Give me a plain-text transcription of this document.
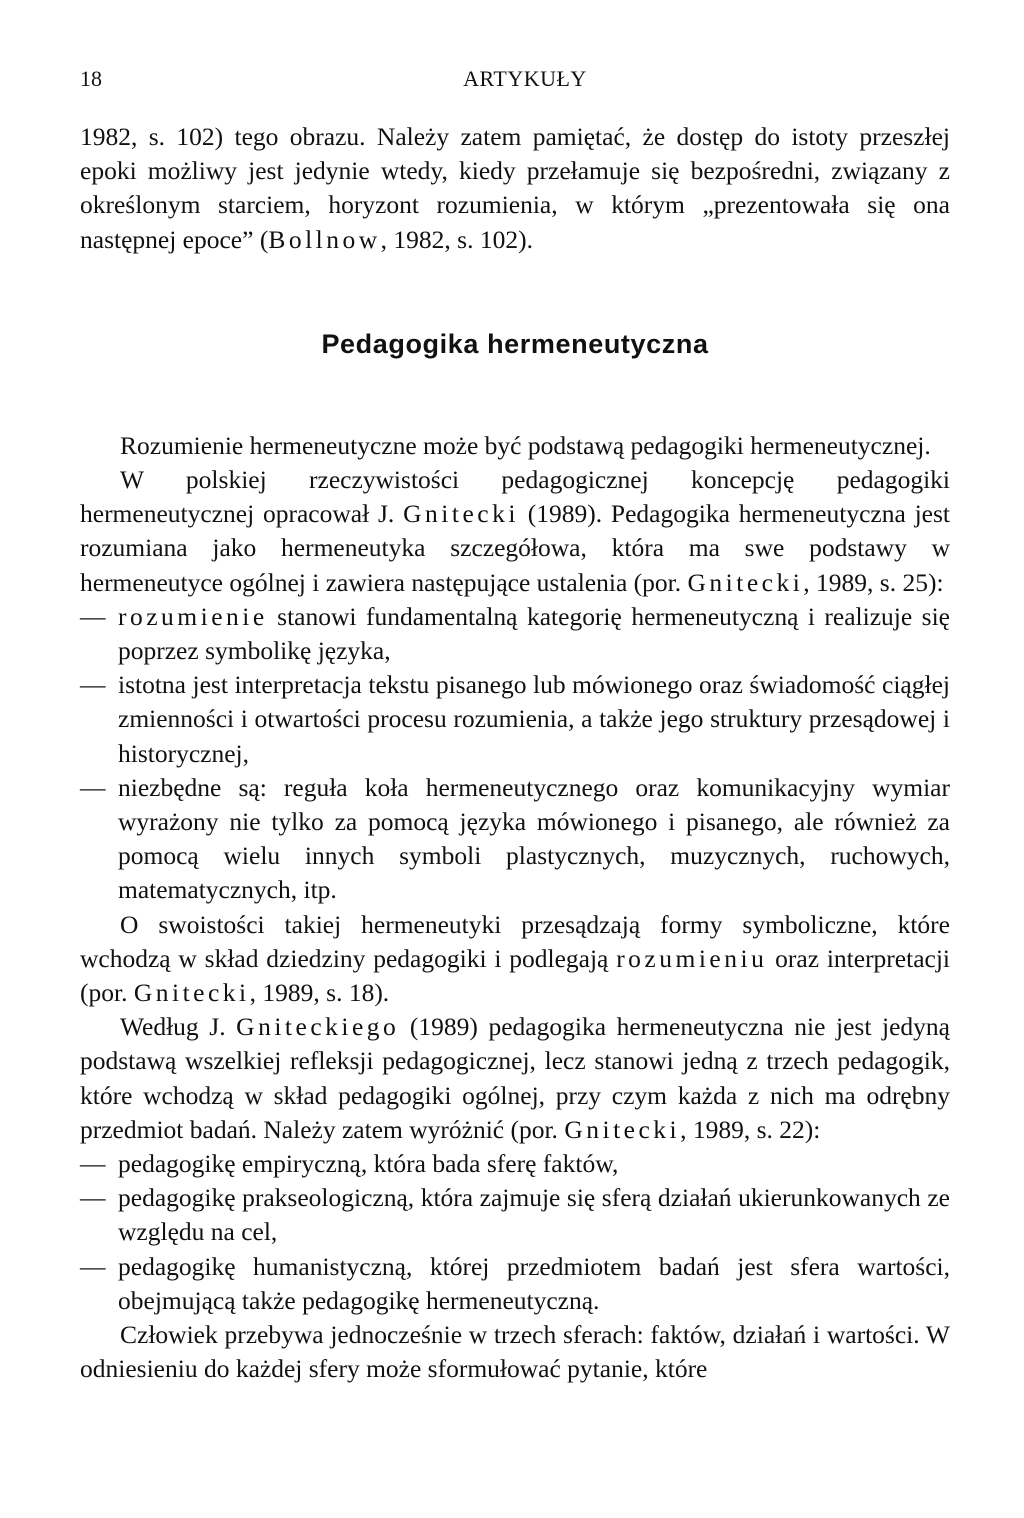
18	ARTYKUŁY

1982, s. 102) tego obrazu. Należy zatem pamiętać, że dostęp do istoty przeszłej epoki możliwy jest jedynie wtedy, kiedy przełamuje się bezpośredni, związany z określonym starciem, horyzont rozumienia, w którym „prezentowała się ona następnej epoce” (Bollnow, 1982, s. 102).

Pedagogika hermeneutyczna

Rozumienie hermeneutyczne może być podstawą pedagogiki hermeneutycznej.

W polskiej rzeczywistości pedagogicznej koncepcję pedagogiki hermeneutycznej opracował J. Gnitecki (1989). Pedagogika hermeneutyczna jest rozumiana jako hermeneutyka szczegółowa, która ma swe podstawy w hermeneutyce ogólnej i zawiera następujące ustalenia (por. Gnitecki, 1989, s. 25):

— rozumienie stanowi fundamentalną kategorię hermeneutyczną i realizuje się poprzez symbolikę języka,
— istotna jest interpretacja tekstu pisanego lub mówionego oraz świadomość ciągłej zmienności i otwartości procesu rozumienia, a także jego struktury przesądowej i historycznej,
— niezbędne są: reguła koła hermeneutycznego oraz komunikacyjny wymiar wyrażony nie tylko za pomocą języka mówionego i pisanego, ale również za pomocą wielu innych symboli plastycznych, muzycznych, ruchowych, matematycznych, itp.

O swoistości takiej hermeneutyki przesądzają formy symboliczne, które wchodzą w skład dziedziny pedagogiki i podlegają rozumieniu oraz interpretacji (por. Gnitecki, 1989, s. 18).

Według J. Gniteckiego (1989) pedagogika hermeneutyczna nie jest jedyną podstawą wszelkiej refleksji pedagogicznej, lecz stanowi jedną z trzech pedagogik, które wchodzą w skład pedagogiki ogólnej, przy czym każda z nich ma odrębny przedmiot badań. Należy zatem wyróżnić (por. Gnitecki, 1989, s. 22):

— pedagogikę empiryczną, która bada sferę faktów,
— pedagogikę prakseologiczną, która zajmuje się sferą działań ukierunkowanych ze względu na cel,
— pedagogikę humanistyczną, której przedmiotem badań jest sfera wartości, obejmującą także pedagogikę hermeneutyczną.

Człowiek przebywa jednocześnie w trzech sferach: faktów, działań i wartości. W odniesieniu do każdej sfery może sformułować pytanie, które
